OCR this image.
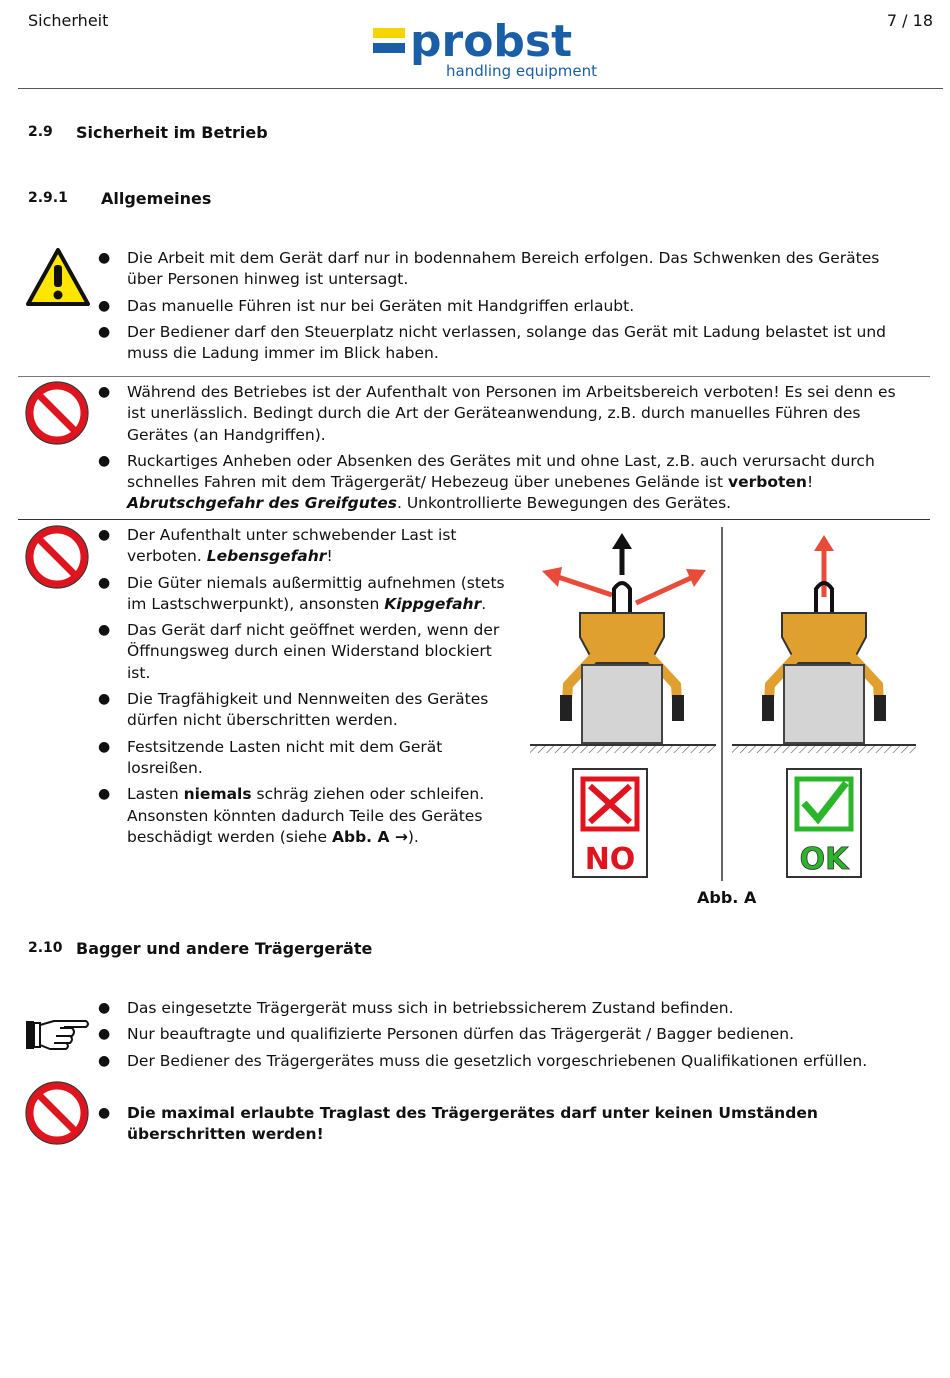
Sicherheit	7 / 18
probst
handling equipment
2.9 Sicherheit im Betrieb
2.9.1 Allgemeines
● Die Arbeit mit dem Gerät darf nur in bodennahem Bereich erfolgen. Das Schwenken des Gerätes über Personen hinweg ist untersagt.
● Das manuelle Führen ist nur bei Geräten mit Handgriffen erlaubt.
● Der Bediener darf den Steuerplatz nicht verlassen, solange das Gerät mit Ladung belastet ist und muss die Ladung immer im Blick haben.
● Während des Betriebes ist der Aufenthalt von Personen im Arbeitsbereich verboten! Es sei denn es ist unerlässlich. Bedingt durch die Art der Geräteanwendung, z.B. durch manuelles Führen des Gerätes (an Handgriffen).
● Ruckartiges Anheben oder Absenken des Gerätes mit und ohne Last, z.B. auch verursacht durch schnelles Fahren mit dem Trägergerät/ Hebezeug über unebenes Gelände ist verboten!
Abrutschgefahr des Greifgutes. Unkontrollierte Bewegungen des Gerätes.
● Der Aufenthalt unter schwebender Last ist verboten. Lebensgefahr!
● Die Güter niemals außermittig aufnehmen (stets im Lastschwerpunkt), ansonsten Kippgefahr.
● Das Gerät darf nicht geöffnet werden, wenn der Öffnungsweg durch einen Widerstand blockiert ist.
● Die Tragfähigkeit und Nennweiten des Gerätes dürfen nicht überschritten werden.
● Festsitzende Lasten nicht mit dem Gerät losreißen.
● Lasten niemals schräg ziehen oder schleifen. Ansonsten könnten dadurch Teile des Gerätes beschädigt werden (siehe Abb. A →).
NO	OK
Abb. A
2.10 Bagger und andere Trägergeräte
● Das eingesetzte Trägergerät muss sich in betriebssicherem Zustand befinden.
● Nur beauftragte und qualifizierte Personen dürfen das Trägergerät / Bagger bedienen.
● Der Bediener des Trägergerätes muss die gesetzlich vorgeschriebenen Qualifikationen erfüllen.
● Die maximal erlaubte Traglast des Trägergerätes darf unter keinen Umständen überschritten werden!
